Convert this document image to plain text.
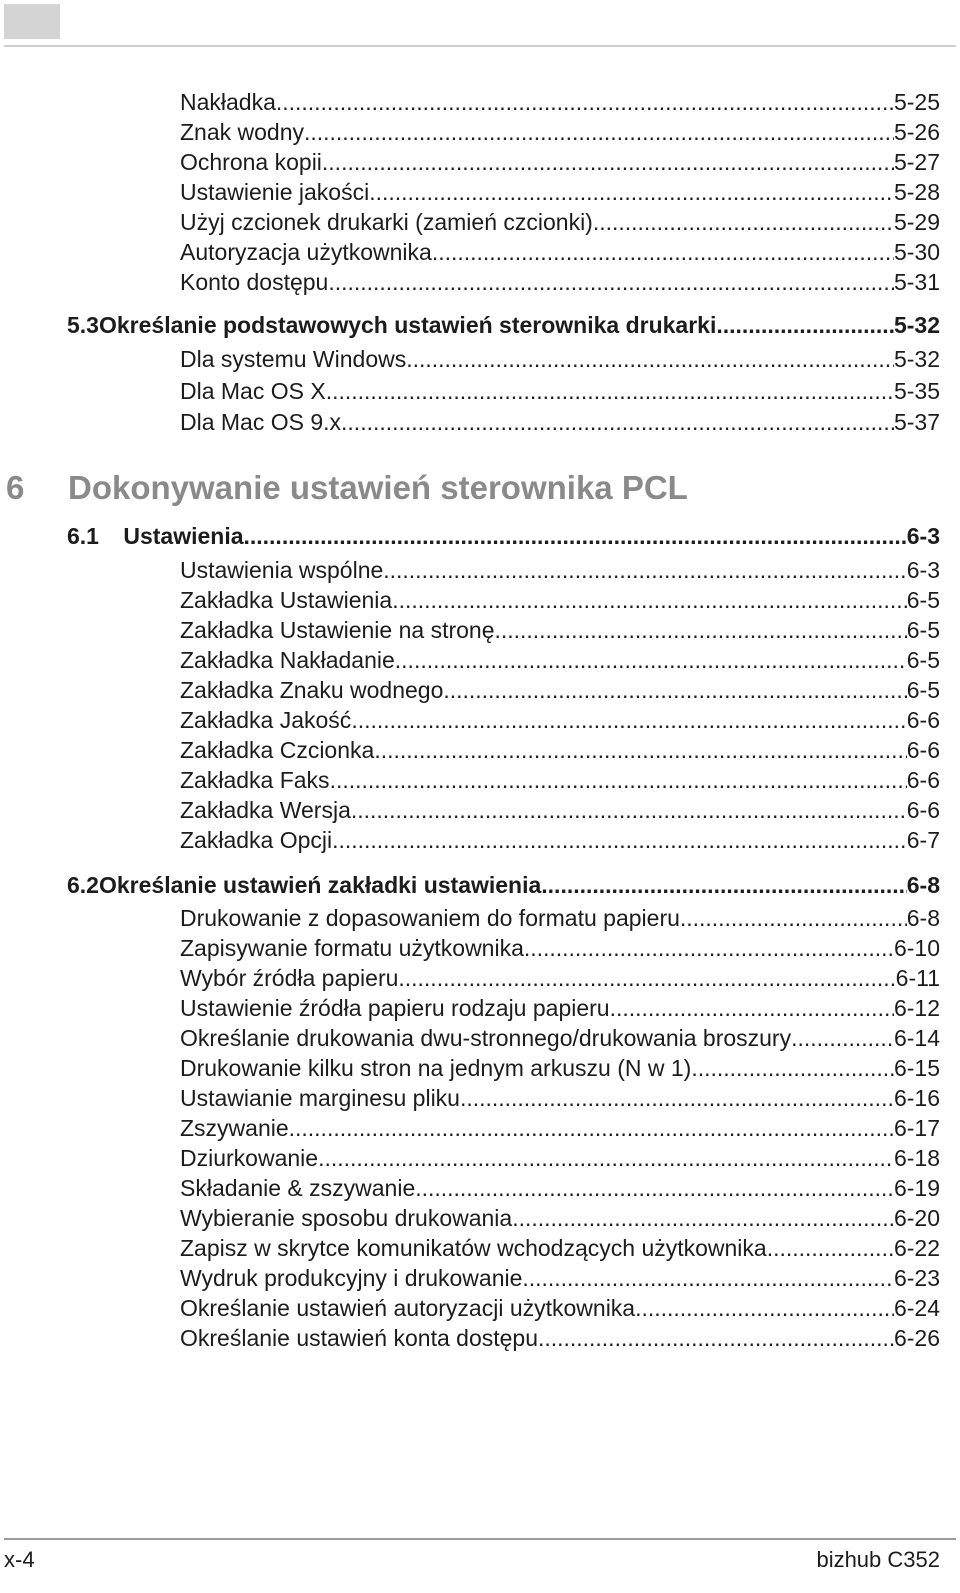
Nakładka . . .	5-25
Znak wodny . . .	5-26
Ochrona kopii . . .	5-27
Ustawienie jakości . . .	5-28
Użyj czcionek drukarki (zamień czcionki) . . .	5-29
Autoryzacja użytkownika . . .	5-30
Konto dostępu . . .	5-31
5.3 Określanie podstawowych ustawień sterownika drukarki . . .	5-32
Dla systemu Windows . . .	5-32
Dla Mac OS X . . .	5-35
Dla Mac OS 9.x . . .	5-37
6 Dokonywanie ustawień sterownika PCL
6.1	Ustawienia . . .	6-3
Ustawienia wspólne . . .	6-3
Zakładka Ustawienia . . .	6-5
Zakładka Ustawienie na stronę . . .	6-5
Zakładka Nakładanie . . .	6-5
Zakładka Znaku wodnego . . .	6-5
Zakładka Jakość . . .	6-6
Zakładka Czcionka . . .	6-6
Zakładka Faks . . .	6-6
Zakładka Wersja . . .	6-6
Zakładka Opcji . . .	6-7
6.2 Określanie ustawień zakładki ustawienia . . .	6-8
Drukowanie z dopasowaniem do formatu papieru . . .	6-8
Zapisywanie formatu użytkownika . . .	6-10
Wybór źródła papieru . . .	6-11
Ustawienie źródła papieru rodzaju papieru . . .	6-12
Określanie drukowania dwu-stronnego/drukowania broszury . . .	6-14
Drukowanie kilku stron na jednym arkuszu (N w 1) . . .	6-15
Ustawianie marginesu pliku . . .	6-16
Zszywanie . . .	6-17
Dziurkowanie . . .	6-18
Składanie & zszywanie . . .	6-19
Wybieranie sposobu drukowania . . .	6-20
Zapisz w skrytce komunikatów wchodzących użytkownika . . .	6-22
Wydruk produkcyjny i drukowanie . . .	6-23
Określanie ustawień autoryzacji użytkownika . . .	6-24
Określanie ustawień konta dostępu . . .	6-26
x-4	bizhub C352
